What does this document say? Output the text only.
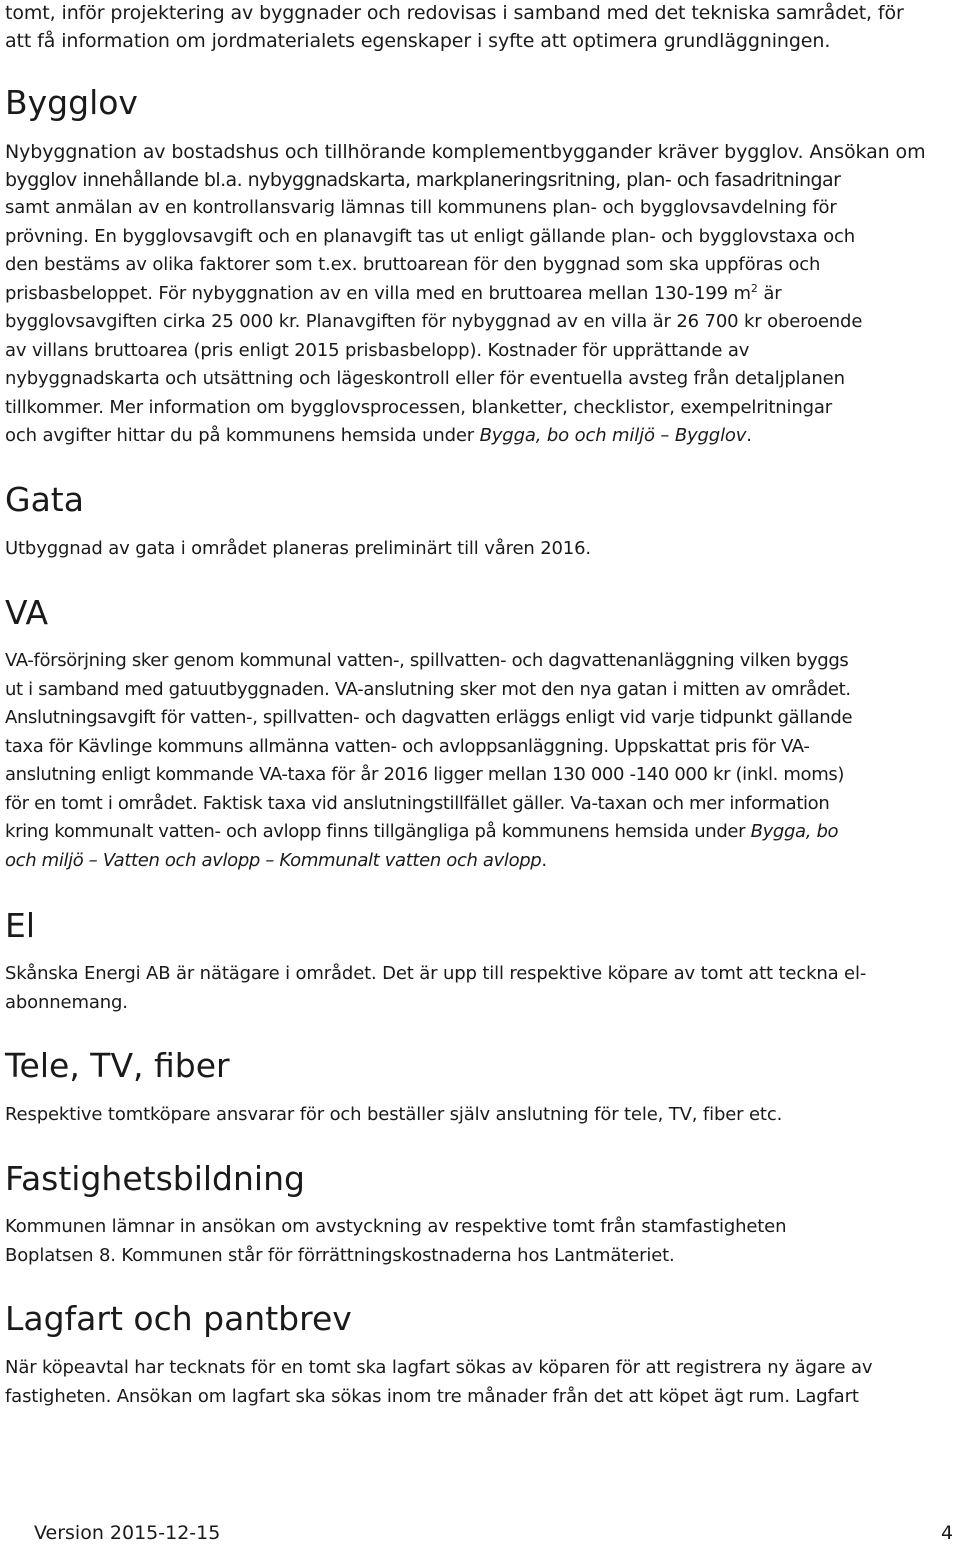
tomt, inför projektering av byggnader och redovisas i samband med det tekniska samrådet, för

att få information om jordmaterialets egenskaper i syfte att optimera grundläggningen.

Bygglov

Nybyggnation av bostadshus och tillhörande komplementbyggander kräver bygglov. Ansökan om

bygglov innehållande bl.a. nybyggnadskarta, markplaneringsritning, plan- och fasadritningar

samt anmälan av en kontrollansvarig lämnas till kommunens plan- och bygglovsavdelning för

prövning. En bygglovsavgift och en planavgift tas ut enligt gällande plan- och bygglovstaxa och

den bestäms av olika faktorer som t.ex. bruttoarean för den byggnad som ska uppföras och

prisbasbeloppet. För nybyggnation av en villa med en bruttoarea mellan 130-199 $m^2$ är

bygglovsavgiften cirka 25 000 kr. Planavgiften för nybyggnad av en villa är 26 700 kr oberoende

av villans bruttoarea (pris enligt 2015 prisbasbelopp). Kostnader för upprättande av

nybyggnadskarta och utsättning och lägeskontroll eller för eventuella avsteg från detaljplanen

tillkommer. Mer information om bygglovsprocessen, blanketter, checklistor, exempelritningar

och avgifter hittar du på kommunens hemsida under Bygga, bo och miljö – Bygglov.

Gata

Utbyggnad av gata i området planeras preliminärt till våren 2016.

VA

VA-försörjning sker genom kommunal vatten-, spillvatten- och dagvattenanläggning vilken byggs

ut i samband med gatuutbyggnaden. VA-anslutning sker mot den nya gatan i mitten av området.

Anslutningsavgift för vatten-, spillvatten- och dagvatten erläggs enligt vid varje tidpunkt gällande

taxa för Kävlinge kommuns allmänna vatten- och avloppsanläggning. Uppskattat pris för VA-

anslutning enligt kommande VA-taxa för år 2016 ligger mellan 130 000 -140 000 kr (inkl. moms)

för en tomt i området. Faktisk taxa vid anslutningstillfället gäller. Va-taxan och mer information

kring kommunalt vatten- och avlopp finns tillgängliga på kommunens hemsida under Bygga, bo

och miljö – Vatten och avlopp – Kommunalt vatten och avlopp.

El

Skånska Energi AB är nätägare i området. Det är upp till respektive köpare av tomt att teckna el-

abonnemang.

Tele, TV, fiber

Respektive tomtköpare ansvarar för och beställer själv anslutning för tele, TV, fiber etc.

Fastighetsbildning

Kommunen lämnar in ansökan om avstyckning av respektive tomt från stamfastigheten

Boplatsen 8. Kommunen står för förrättningskostnaderna hos Lantmäteriet.

Lagfart och pantbrev

När köpeavtal har tecknats för en tomt ska lagfart sökas av köparen för att registrera ny ägare av

fastigheten. Ansökan om lagfart ska sökas inom tre månader från det att köpet ägt rum. Lagfart

Version 2015-12-15	4
